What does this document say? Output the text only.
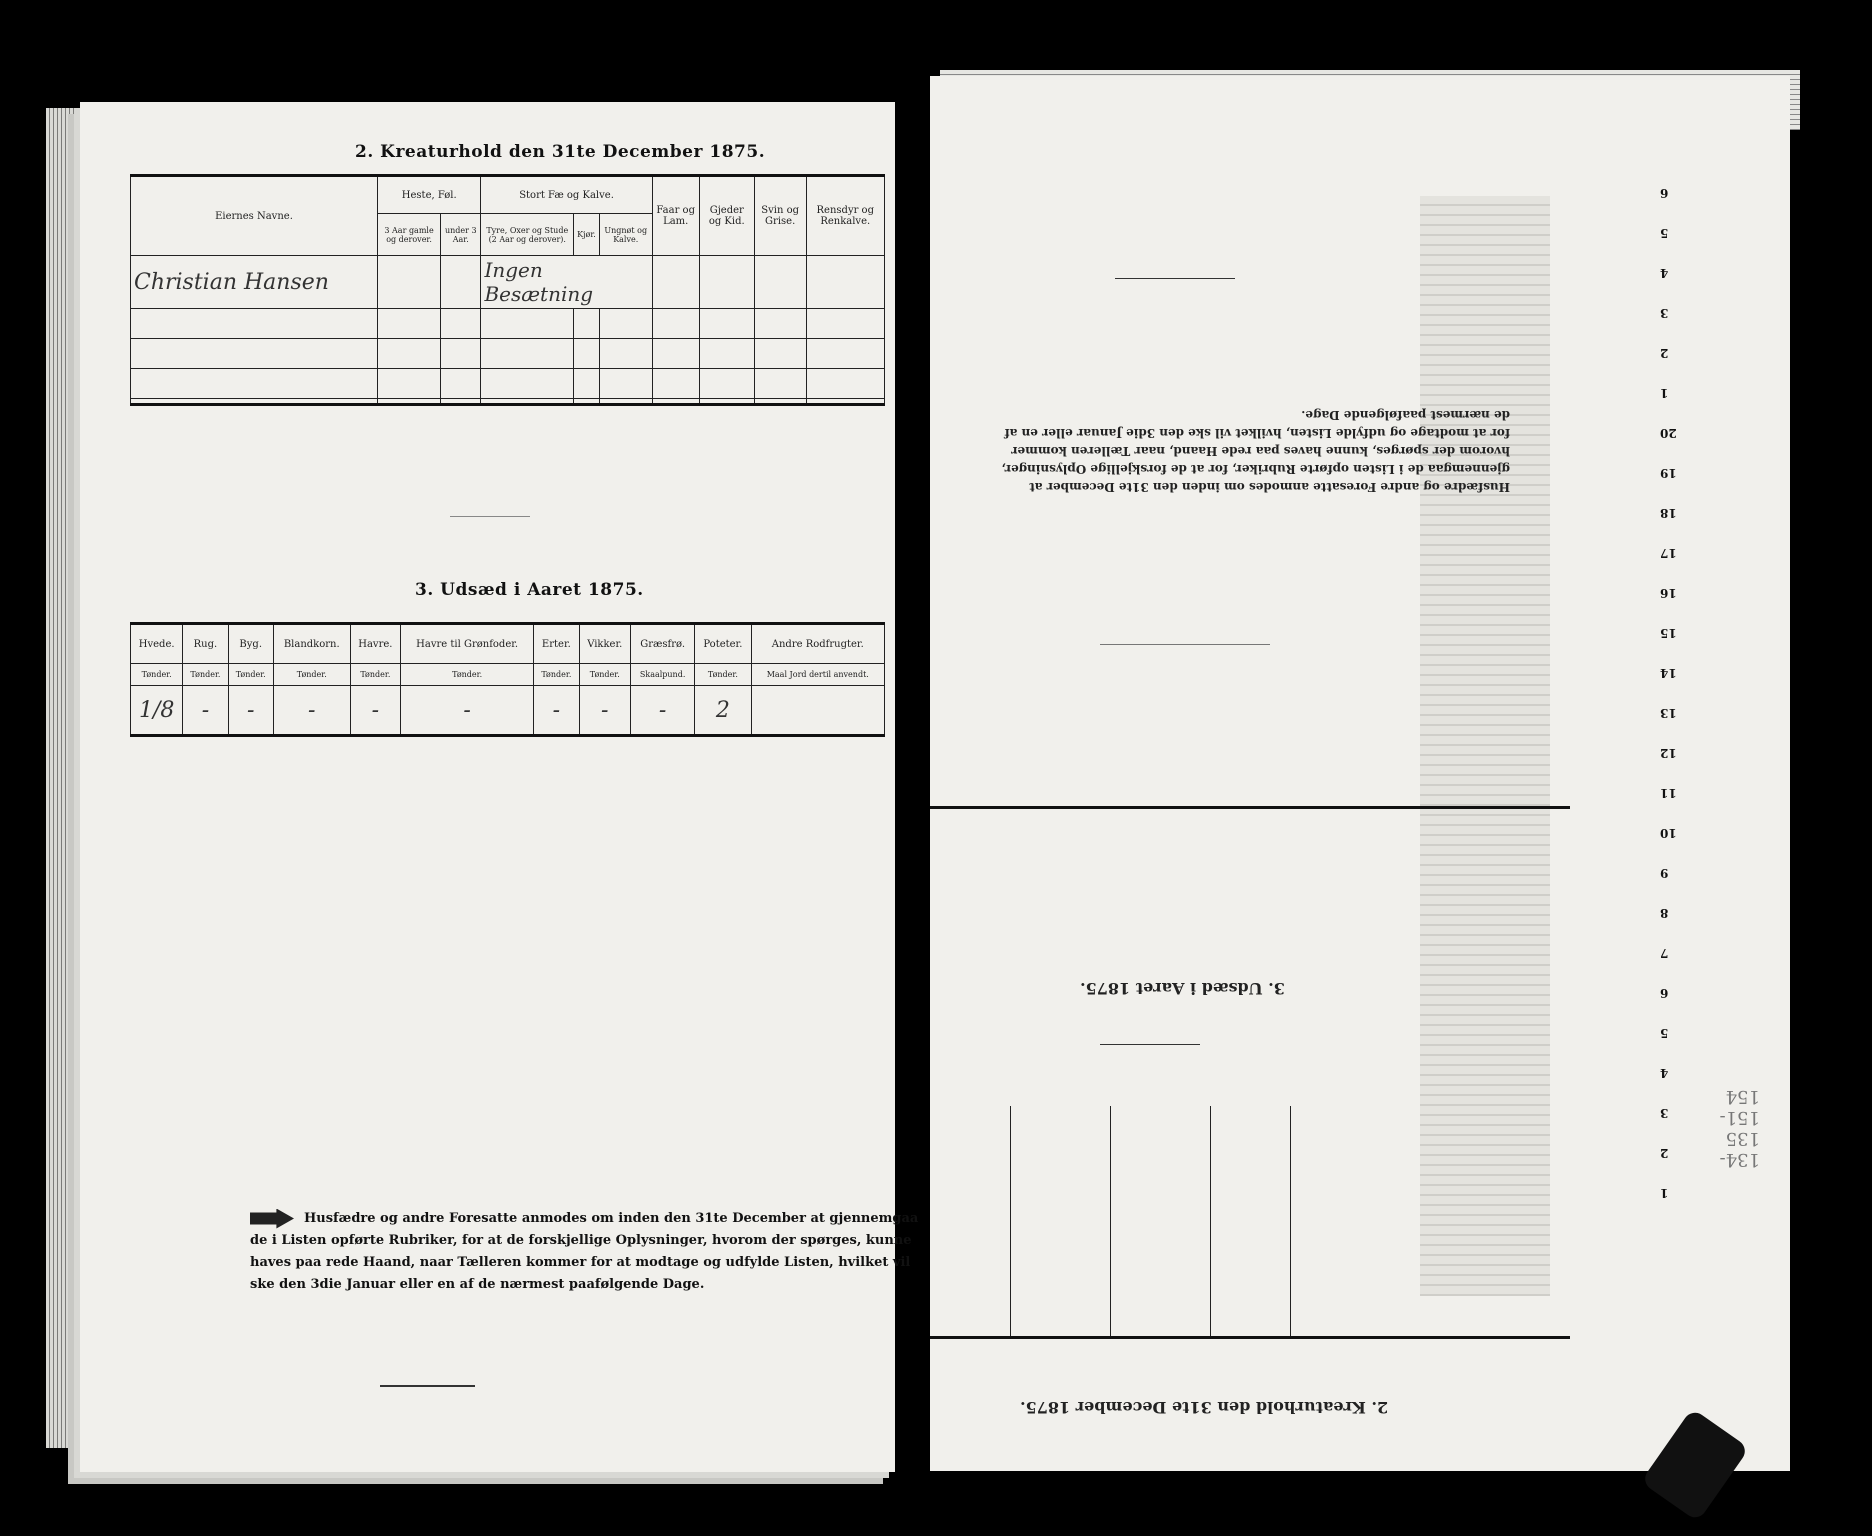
2. Kreaturhold den 31te December 1875.
Eiernes Navne.	Heste, Føl.		Stort Fæ og Kalve.			Faar og Lam.	Gjeder og Kid.	Svin og Grise.	Rensdyr og Renkalve.
	3 Aar gamle og derover.	under 3 Aar.	Tyre, Oxer og Stude (2 Aar og derover).	Kjør.	Ungnøt og Kalve.				
Christian Hansen			Ingen Besætning						

3. Udsæd i Aaret 1875.
Hvede.	Rug.	Byg.	Blandkorn.	Havre.	Havre til Grønfoder.	Erter.	Vikker.	Græsfrø.	Poteter.	Andre Rodfrugter.
Tønder.	Tønder.	Tønder.	Tønder.	Tønder.	Tønder.	Tønder.	Tønder.	Skaalpund.	Tønder.	Maal Jord dertil anvendt.
1/8	-	-	-	-	-	-	-	-	2	
Husfædre og andre Foresatte anmodes om inden den 31te December at gjennemgaa de i Listen opførte Rubriker, for at de forskjellige Oplysninger, hvorom der spørges, kunne haves paa rede Haand, naar Tælleren kommer for at modtage og udfylde Listen, hvilket vil ske den 3die Januar eller en af de nærmest paafølgende Dage.
Husfædre og andre Foresatte anmodes om inden den 31te December at gjennemgaa de i Listen opførte Rubriker, for at de forskjellige Oplysninger, hvorom der spørges, kunne haves paa rede Haand, naar Tælleren kommer for at modtage og udfylde Listen, hvilket vil ske den 3die Januar eller en af de nærmest paafølgende Dage.
3. Udsæd i Aaret 1875.
2. Kreaturhold den 31te December 1875.
6
5
4
3
2
1
20
19
18
17
16
15
14
13
12
11
10
9
8
7
6
5
4
3
2
1
134-135 151-154
